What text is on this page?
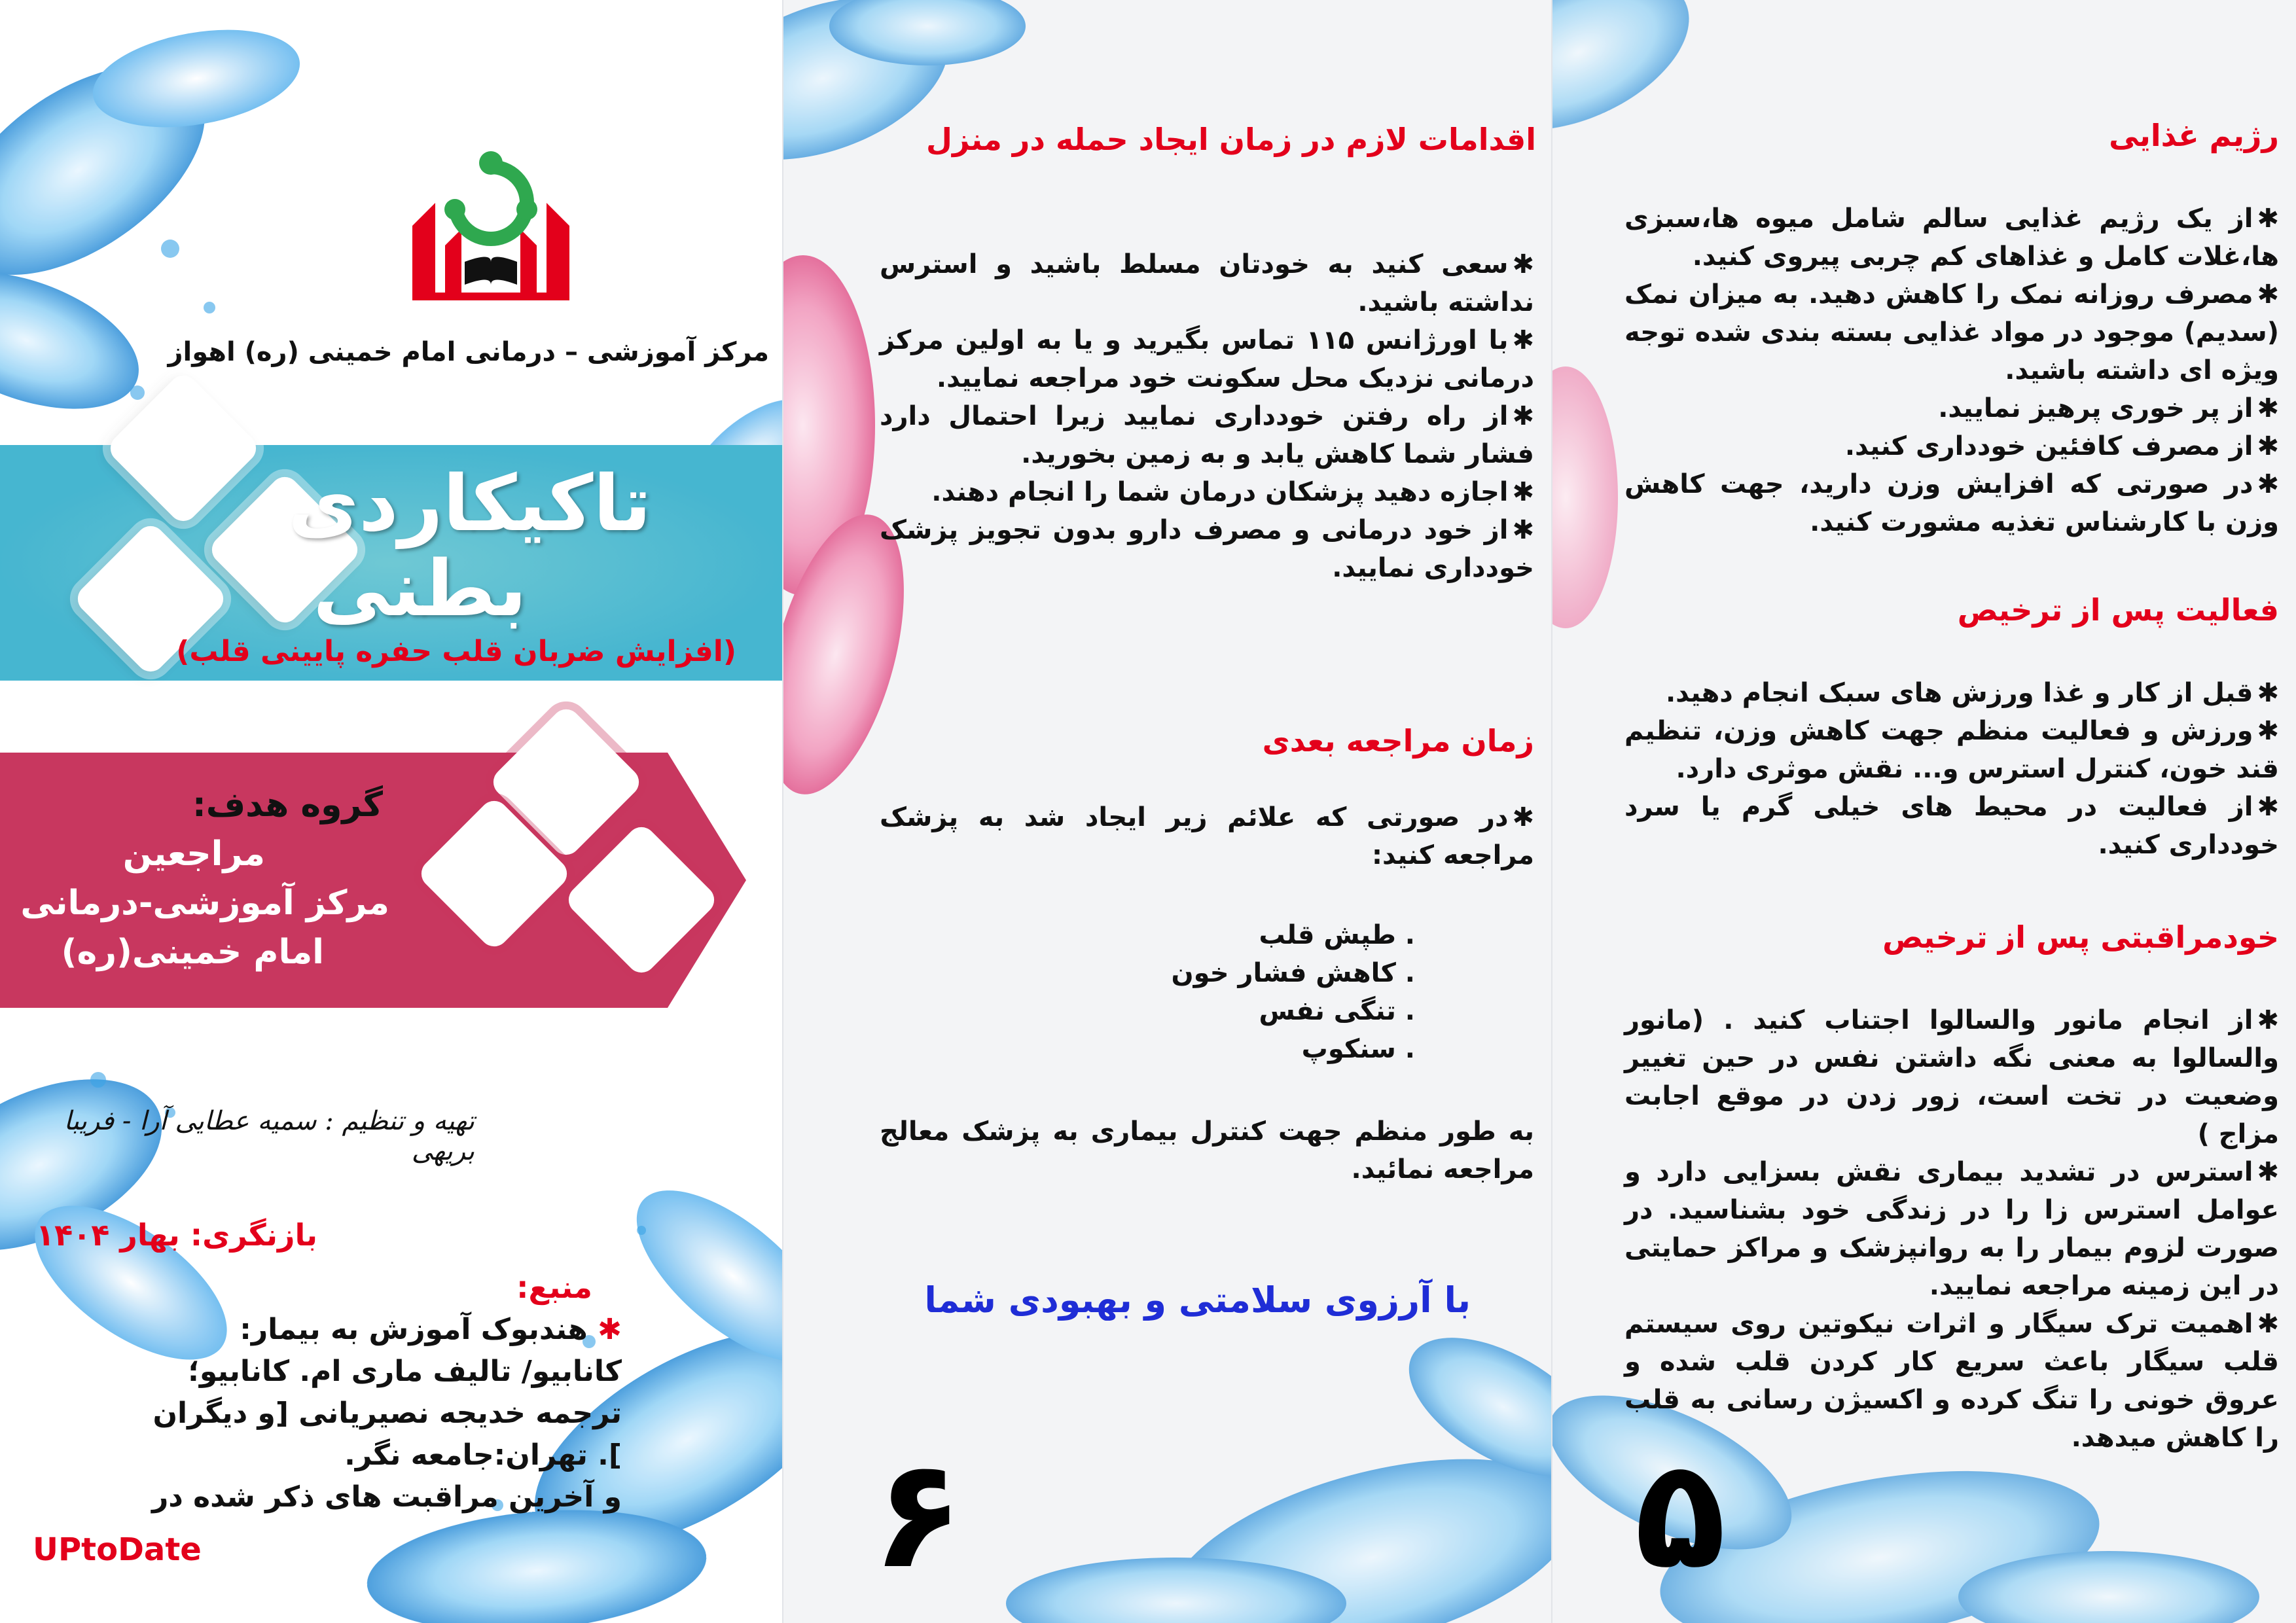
مرکز آموزشی – درمانی امام خمینی (ره) اهواز
تاکیکاردی
بطنی
(افزایش ضربان قلب حفره پایینی قلب)
گروه هدف:
مراجعین
مرکز آموزشی-درمانی
امام خمینی(ره)
تهیه و تنظیم : سمیه عطایی آرا - فریبا بریهی
بازنگری: بهار ۱۴۰۴
منبع:
✱ هندبوک آموزش به بیمار:
کانابیو/ تالیف ماری ام. کانابیو؛
ترجمه خدیجه نصیریانی [و دیگران
]. تهران:جامعه نگر.
و آخرین مراقبت های ذکر شده در
UPtoDate
اقدامات لازم در زمان ایجاد حمله در منزل

✱سعی کنید به خودتان مسلط باشید و استرس نداشته باشید.

✱با اورژانس ۱۱۵ تماس بگیرید و یا به اولین مرکز درمانی نزدیک محل سکونت خود مراجعه نمایید.

✱از راه رفتن خودداری نمایید زیرا احتمال دارد فشار شما کاهش یابد و به زمین بخورید.

✱اجازه دهید پزشکان درمان شما را انجام دهند.

✱از خود درمانی و مصرف دارو بدون تجویز پزشک خودداری نمایید.

زمان مراجعه بعدی

✱در صورتی که علائم زیر ایجاد شد به پزشک مراجعه کنید:

. طپش قلب

. کاهش فشار خون

. تنگی نفس

. سنکوپ

به طور منظم جهت کنترل بیماری به پزشک معالج مراجعه نمائید.
با آرزوی سلامتی و بهبودی شما
۶
رژیم غذایی

✱از یک رژیم غذایی سالم شامل میوه ها،سبزی ها،غلات کامل و غذاهای کم چربی پیروی کنید.

✱مصرف روزانه نمک را کاهش دهید. به میزان نمک (سدیم) موجود در مواد غذایی بسته بندی شده توجه ویژه ای داشته باشید.

✱از پر خوری پرهیز نمایید.

✱از مصرف کافئین خودداری کنید.

✱در صورتی که افزایش وزن دارید، جهت کاهش وزن با کارشناس تغذیه مشورت کنید.

فعالیت پس از ترخیص

✱قبل از کار و غذا ورزش های سبک انجام دهید.

✱ورزش و فعالیت منظم جهت کاهش وزن، تنظیم قند خون، کنترل استرس و... نقش موثری دارد.

✱از فعالیت در محیط های خیلی گرم یا سرد خودداری کنید.

خودمراقبتی پس از ترخیص

✱از انجام مانور والسالوا اجتناب کنید . (مانور والسالوا به معنی نگه داشتن نفس در حین تغییر وضعیت در تخت است، زور زدن در موقع اجابت مزاج )

✱استرس در تشدید بیماری نقش بسزایی دارد و عوامل استرس زا را در زندگی خود بشناسید. در صورت لزوم بیمار را به روانپزشک و مراکز حمایتی در این زمینه مراجعه نمایید.

✱اهمیت ترک سیگار و اثرات نیکوتین روی سیستم قلب سیگار باعث سریع کار کردن قلب شده و عروق خونی را تنگ کرده و اکسیژن رسانی به قلب را کاهش میدهد.

۵
